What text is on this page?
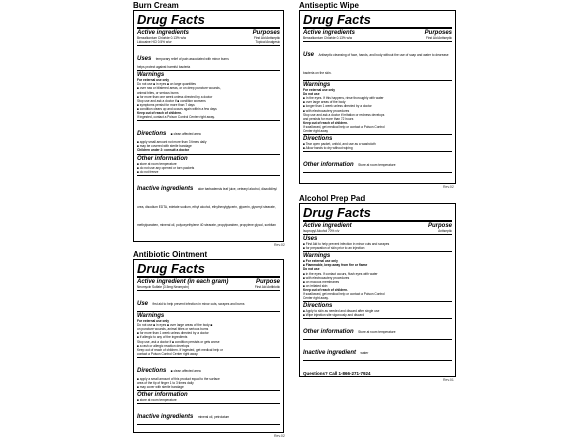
Burn Cream
Drug Facts
Active ingredients	Purposes
Benzalkonium Chloride 0.13% w/w	First Aid Antiseptic
Lidocaine HCl 0.5% w/w	Topical Analgesic
Uses temporary relief of pain associated with minor burns
helps protect against harmful bacteria
Warnings
For external use only
Do not use ■ in eyes ■ on large quantities
■ over raw or blistered areas, or on deep puncture wounds,
animal bites, or serious burns
■ for more than one week unless directed by a doctor
Stop use and ask a doctor if ■ condition worsens
■ symptoms persist for more than 7 days
■ condition clears up and occurs again within a few days
Keep out of reach of children.
If ingested, contact a Poison Control Center right away.
Directions ■ clean affected area
■ apply small amount not more than 3 times daily
■ may be covered with sterile bandage
Children under 2: consult a doctor
Other information
■ store at room temperature
■ do not use any opened or torn packets
■ do not freeze
Inactive ingredients aloe barbadensis leaf juice, cetearyl alcohol, diazolidinyl urea, disodium EDTA, edetate sodium, ethyl alcohol, ethylhexylglycerin, glycerin, glyceryl stearate, methylparaben, mineral oil, polyoxyethylene 40 stearate, propylparaben, propylene glycol, sorbitan
Rev.02
Antibiotic Ointment
Drug Facts
Active ingredient (in each gram)	Purpose
Neomycin Sulfate (3.5mg Neomycin)	First Aid Antibiotic
Use first aid to help prevent infection in minor cuts, scrapes and burns
Warnings
For external use only
Do not use ■ in eyes ■ over large areas of the body ■
on puncture wounds, animal bites or serious burns
■ for more than 1 week unless directed by a doctor
■ if allergic to any of the ingredients
Stop use, ask a doctor if ■ condition persists or gets worse
■ a rash or allergic reaction develops
Keep out of reach of children. If ingested, get medical help or
contact a Poison Control Center right away.
Directions ■ clean affected area
■ apply a small amount of this product equal to the surface
area of the tip of finger 1 to 3 times daily
■ may cover with sterile bandage
Other information
■ store at room temperature
Inactive ingredients mineral oil, petrolatum
Rev.02
Antiseptic Wipe
Drug Facts
Active ingredients	Purposes
Benzalkonium Chloride 0.13% w/w	First Aid Antiseptic
Use Antiseptic cleansing of face, hands, and body without the use of soap and water to decrease bacteria on the skin.
Warnings
For external use only
Do not use
■ In the eyes. If this happens, rinse thoroughly with water
■ over large areas of the body
■ longer than 1 week unless directed by a doctor
■ with electrocautery procedures
Stop use and ask a doctor if irritation or redness develops
and persists for more than 72 hours
Keep out of reach of children.
If swallowed, get medical help or contact a Poison Control
Center right away
Directions
■ Tear open packet, unfold, and use as a washcloth
■ Allow hands to dry without wiping
Other information Store at room temperature
Rev.02
Alcohol Prep Pad
Drug Facts
Active ingredient	Purpose
Isopropyl Alcohol 70% v/v	Antiseptic
Uses
■ First Aid to help prevent infection in minor cuts and scrapes
■ for preparation of skin prior to an injection
Warnings
■ For external use only
■ Flammable, keep away from fire or flame
Do not use
■ in the eyes. If contact occurs, flush eyes with water
■ with electrocautery procedures
■ on mucous membranes
■ on irritated skin
Keep out of reach of children.
If swallowed, get medical help or contact a Poison Control
Center right away.
Directions
■ Apply to skin as needed and discard after single use
■ Wipe injection site vigorously and discard
Other information Store at room temperature
Inactive ingredient water
Questions? Call 1-866-271-7924
Rev.01
